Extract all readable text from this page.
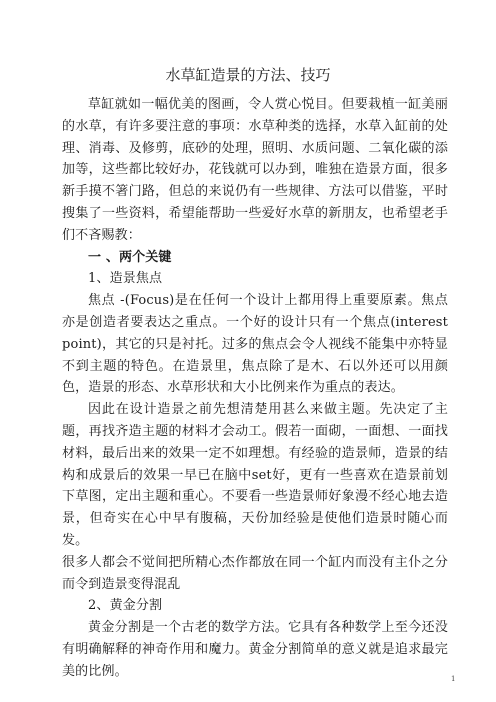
水草缸造景的方法、技巧

草缸就如一幅优美的图画，令人赏心悦目。但要栽植一缸美丽的水草，有许多要注意的事项：水草种类的选择，水草入缸前的处理、消毒、及修剪，底砂的处理，照明、水质问题、二氧化碳的添加等，这些都比较好办，花钱就可以办到，唯独在造景方面，很多新手摸不箸门路，但总的来说仍有一些规律、方法可以借鉴，平时搜集了一些资料，希望能帮助一些爱好水草的新朋友，也希望老手们不吝赐教：

一 、两个关键

1、造景焦点

焦点 -(Focus)是在任何一个设计上都用得上重要原素。焦点亦是创造者要表达之重点。一个好的设计只有一个焦点(interest point)，其它的只是衬托。过多的焦点会令人视线不能集中亦特显不到主题的特色。在造景里，焦点除了是木、石以外还可以用颜色，造景的形态、水草形状和大小比例来作为重点的表达。

因此在设计造景之前先想清楚用甚么来做主题。先决定了主题，再找齐造主题的材料才会动工。假若一面砌，一面想、一面找材料，最后出来的效果一定不如理想。有经验的造景师，造景的结构和成景后的效果一早已在脑中set好，更有一些喜欢在造景前划下草图，定出主题和重心。不要看一些造景师好象漫不经心地去造景，但奇实在心中早有腹稿，天份加经验是使他们造景时随心而发。

很多人都会不觉间把所精心杰作都放在同一个缸内而没有主仆之分而令到造景变得混乱

2、黄金分割

黄金分割是一个古老的数学方法。它具有各种数学上至今还没有明确解释的神奇作用和魔力。黄金分割简单的意义就是追求最完美的比例。

1
